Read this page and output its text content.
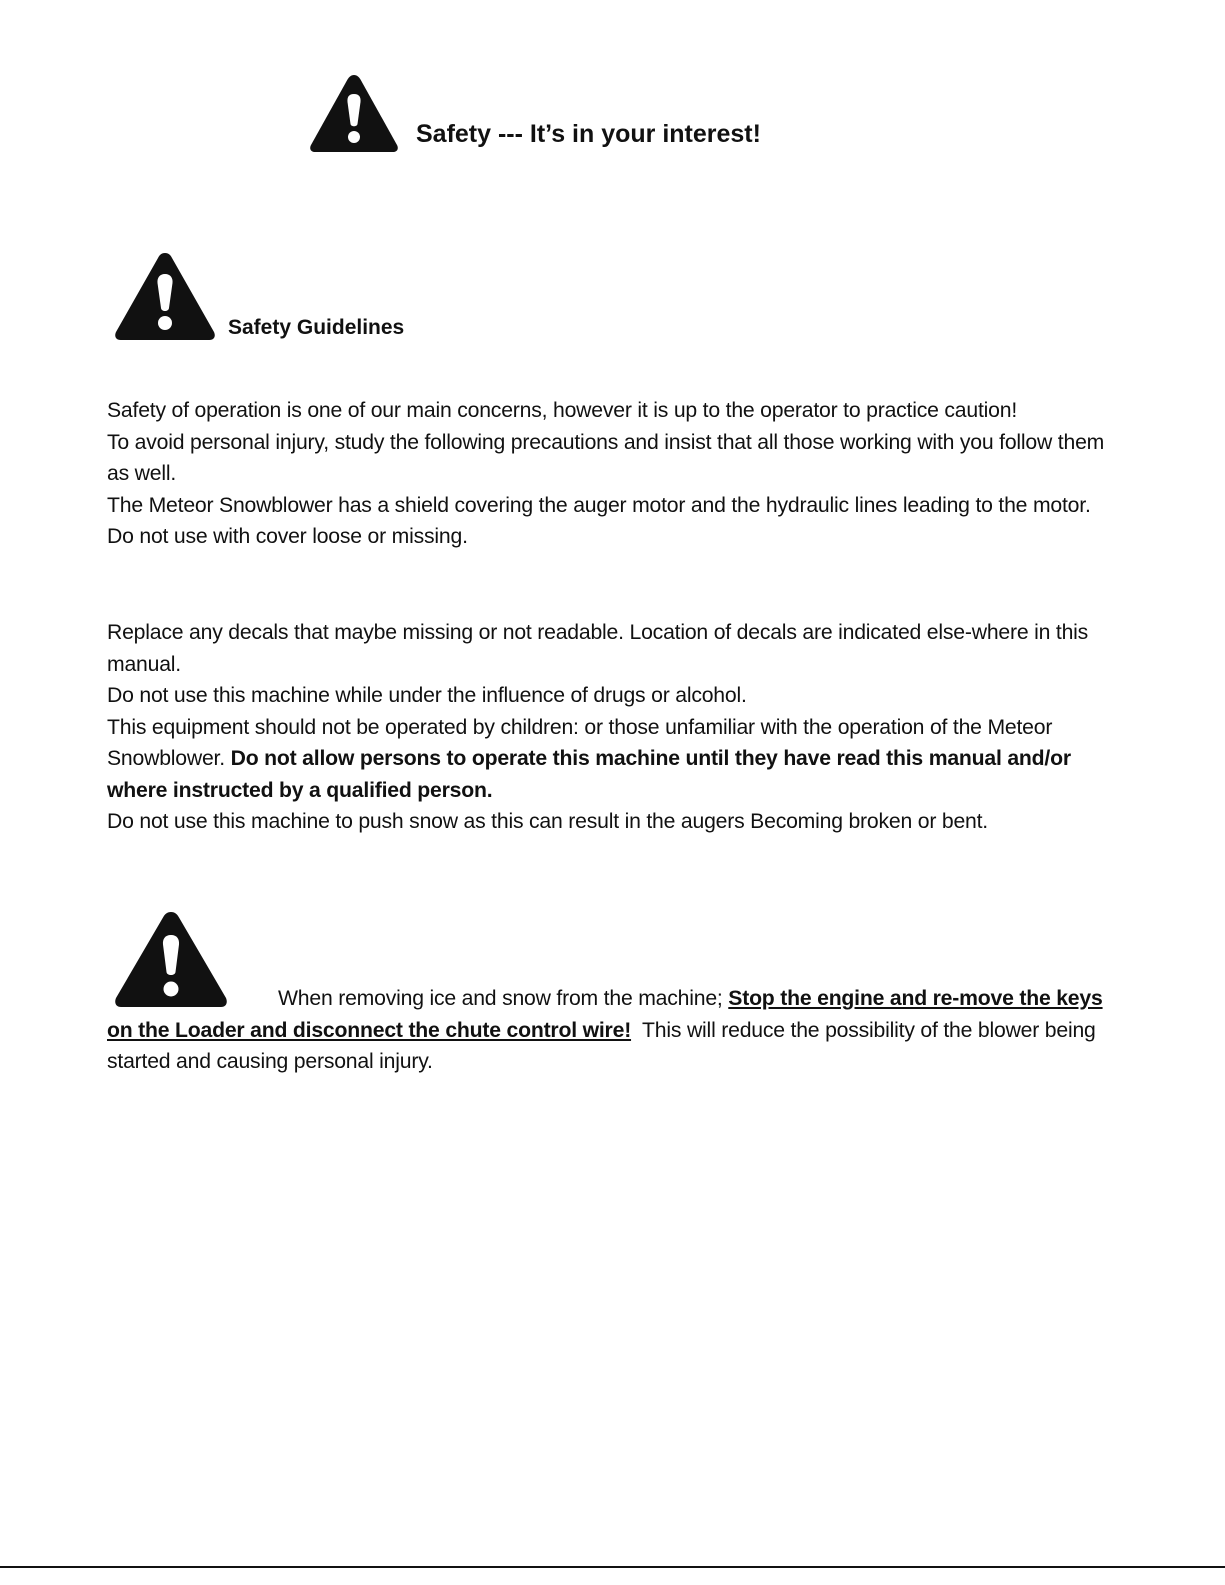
Safety --- It’s in your interest!
Safety Guidelines

Safety of operation is one of our main concerns, however it is up to the operator to practice caution!

To avoid personal injury, study the following precautions and insist that all those working with you follow them as well.

The Meteor Snowblower has a shield covering the auger motor and the hydraulic lines leading to the motor. Do not use with cover loose or missing.

Replace any decals that maybe missing or not readable. Location of decals are indicated else-where in this manual.

Do not use this machine while under the influence of drugs or alcohol.

This equipment should not be operated by children: or those unfamiliar with the operation of the Meteor Snowblower. Do not allow persons to operate this machine until they have read this manual and/or where instructed by a qualified person.

Do not use this machine to push snow as this can result in the augers Becoming broken or bent.

When removing ice and snow from the machine; Stop the engine and re-move the keys on the Loader and disconnect the chute control wire!  This will reduce the possibility of the blower being started and causing personal injury.
